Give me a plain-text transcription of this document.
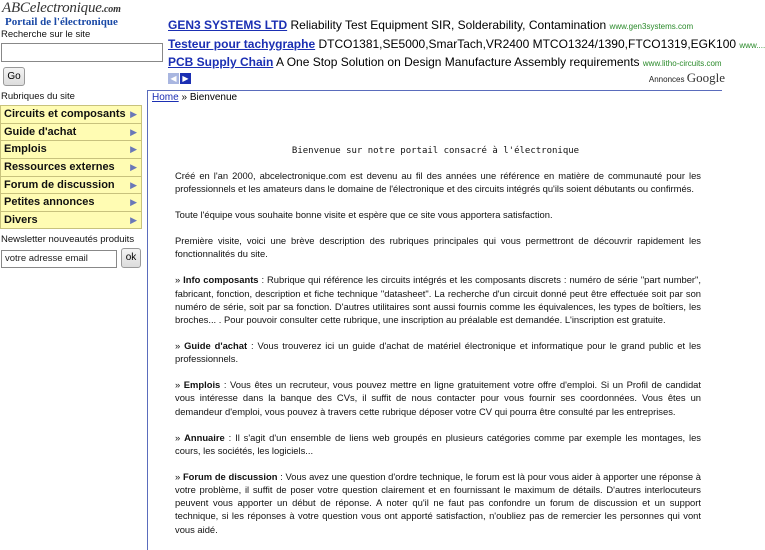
ABCelectronique.com
Portail de l'électronique
Recherche sur le site
Go
Rubriques du site
Circuits et composants ▶
Guide d'achat	▶
Emplois	▶
Ressources externes ▶
Forum de discussion ▶
Petites annonces	▶
Divers	▶
Newsletter nouveautés produits
votre adresse email	ok
GEN3 SYSTEMS LTD Reliability Test Equipment SIR, Solderability, Contamination www.gen3systems.com
Testeur pour tachygraphe DTCO1381,SE5000,SmarTach,VR2400 MTCO1324/1390,FTCO1319,EGK100 www....
PCB Supply Chain A One Stop Solution on Design Manufacture Assembly requirements www.litho-circuits.com
◀ ▶	Annonces Google
Home » Bienvenue
Bienvenue sur notre portail consacré à l'électronique

Créé en l'an 2000, abcelectronique.com est devenu au fil des années une référence en matière de communauté pour les professionnels et les amateurs dans le domaine de l'électronique et des circuits intégrés qu'ils soient débutants ou confirmés.

Toute l'équipe vous souhaite bonne visite et espère que ce site vous apportera satisfaction.

Première visite, voici une brève description des rubriques principales qui vous permettront de découvrir rapidement les fonctionnalités du site.

» Info composants : Rubrique qui référence les circuits intégrés et les composants discrets : numéro de série "part number", fabricant, fonction, description et fiche technique "datasheet". La recherche d'un circuit donné peut être effectuée soit par son numéro de série, soit par sa fonction. D'autres utilitaires sont aussi fournis comme les équivalences, les types de boîtiers, les broches... . Pour pouvoir consulter cette rubrique, une inscription au préalable est demandée. L'inscription est gratuite.

» Guide d'achat : Vous trouverez ici un guide d'achat de matériel électronique et informatique pour le grand public et les professionnels.

» Emplois : Vous êtes un recruteur, vous pouvez mettre en ligne gratuitement votre offre d'emploi. Si un Profil de candidat vous intéresse dans la banque des CVs, il suffit de nous contacter pour vous fournir ses coordonnées. Vous êtes un demandeur d'emploi, vous pouvez à travers cette rubrique déposer votre CV qui pourra être consulté par les entreprises.

» Annuaire : Il s'agit d'un ensemble de liens web groupés en plusieurs catégories comme par exemple les montages, les cours, les sociétés, les logiciels...

» Forum de discussion : Vous avez une question d'ordre technique, le forum est là pour vous aider à apporter une réponse à votre problème, il suffit de poser votre question clairement et en fournissant le maximum de détails. D'autres interlocuteurs peuvent vous apporter un début de réponse. A noter qu'il ne faut pas confondre un forum de discussion et un support technique, si les réponses à votre question vous ont apporté satisfaction, n'oubliez pas de remercier les personnes qui vont vous aidé.
